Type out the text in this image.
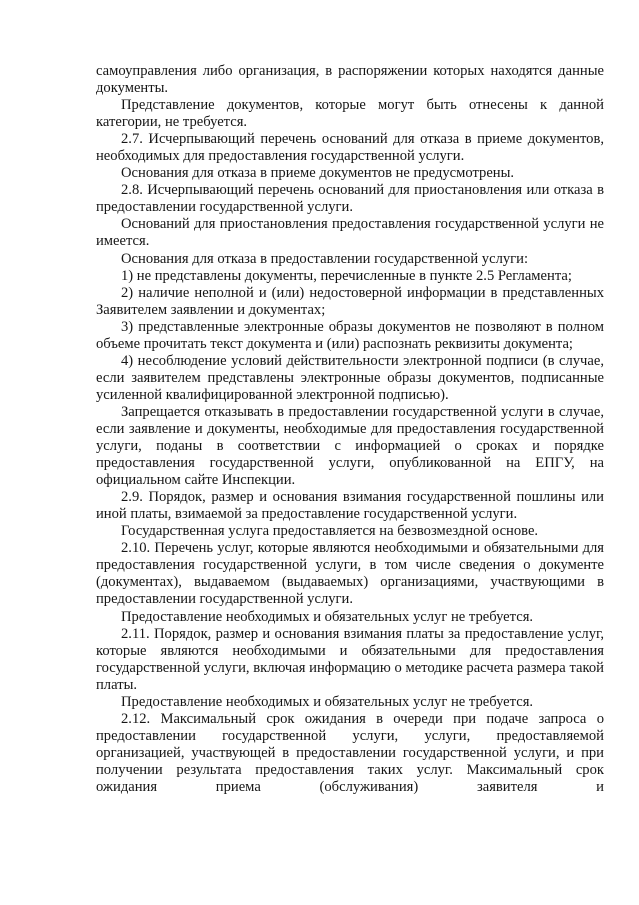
самоуправления либо организация, в распоряжении которых находятся данные документы.

Представление документов, которые могут быть отнесены к данной категории, не требуется.

2.7. Исчерпывающий перечень оснований для отказа в приеме документов, необходимых для предоставления государственной услуги.

Основания для отказа в приеме документов не предусмотрены.

2.8. Исчерпывающий перечень оснований для приостановления или отказа в предоставлении государственной услуги.

Оснований для приостановления предоставления государственной услуги не имеется.

Основания для отказа в предоставлении государственной услуги:

1) не представлены документы, перечисленные в пункте 2.5 Регламента;

2) наличие неполной и (или) недостоверной информации в представленных Заявителем заявлении и документах;

3) представленные электронные образы документов не позволяют в полном объеме прочитать текст документа и (или) распознать реквизиты документа;

4) несоблюдение условий действительности электронной подписи (в случае, если заявителем представлены электронные образы документов, подписанные усиленной квалифицированной электронной подписью).

Запрещается отказывать в предоставлении государственной услуги в случае, если заявление и документы, необходимые для предоставления государственной услуги, поданы в соответствии с информацией о сроках и порядке предоставления государственной услуги, опубликованной на ЕПГУ, на официальном сайте Инспекции.

2.9. Порядок, размер и основания взимания государственной пошлины или иной платы, взимаемой за предоставление государственной услуги.

Государственная услуга предоставляется на безвозмездной основе.

2.10. Перечень услуг, которые являются необходимыми и обязательными для предоставления государственной услуги, в том числе сведения о документе (документах), выдаваемом (выдаваемых) организациями, участвующими в предоставлении государственной услуги.

Предоставление необходимых и обязательных услуг не требуется.

2.11. Порядок, размер и основания взимания платы за предоставление услуг, которые являются необходимыми и обязательными для предоставления государственной услуги, включая информацию о методике расчета размера такой платы.

Предоставление необходимых и обязательных услуг не требуется.

2.12. Максимальный срок ожидания в очереди при подаче запроса о предоставлении государственной услуги, услуги, предоставляемой организацией, участвующей в предоставлении государственной услуги, и при получении результата предоставления таких услуг. Максимальный срок ожидания приема (обслуживания) заявителя и
